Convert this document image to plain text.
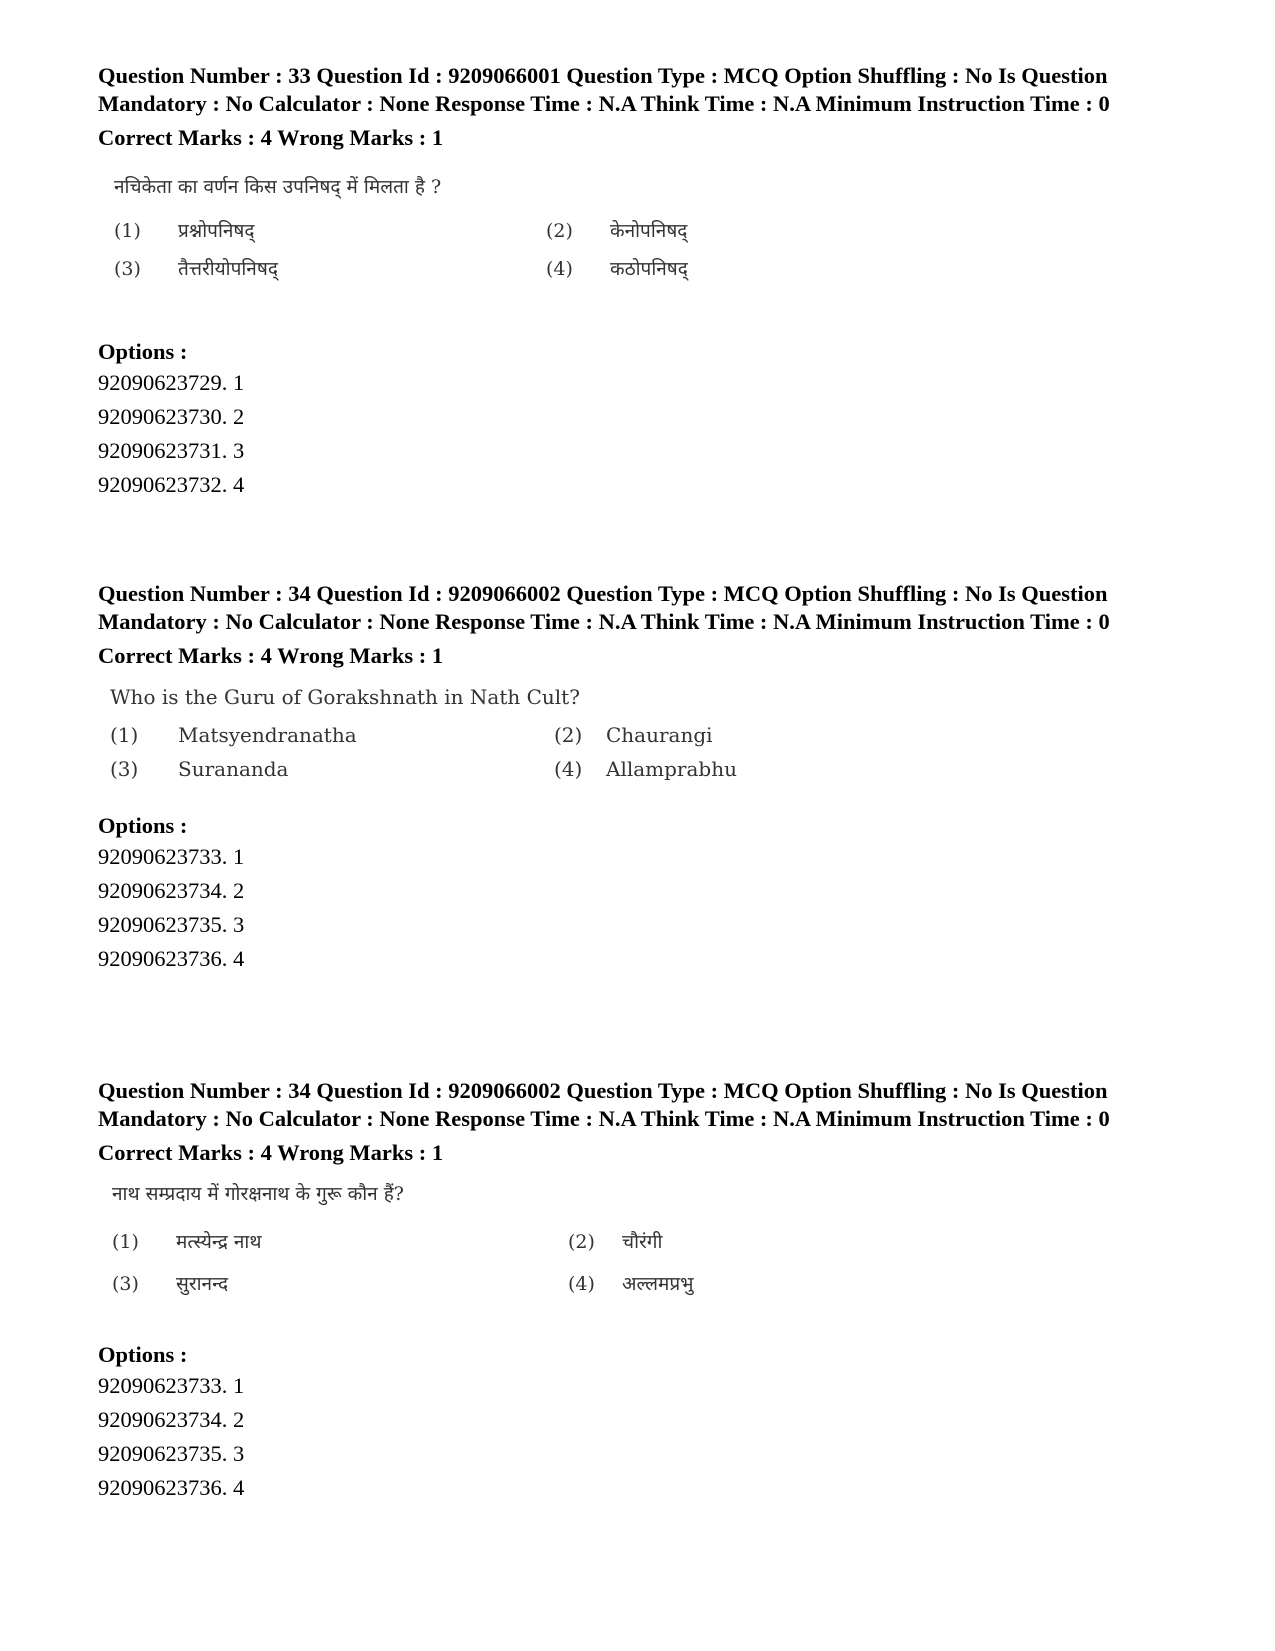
Question Number : 33 Question Id : 9209066001 Question Type : MCQ Option Shuffling : No Is Question Mandatory : No Calculator : None Response Time : N.A Think Time : N.A Minimum Instruction Time : 0
Correct Marks : 4 Wrong Marks : 1
नचिकेता का वर्णन किस उपनिषद् में मिलता है ?
(1) प्रश्नोपनिषद्	(2) केनोपनिषद्
(3) तैत्तरीयोपनिषद्	(4) कठोपनिषद्
Options :
92090623729. 1
92090623730. 2
92090623731. 3
92090623732. 4
Question Number : 34 Question Id : 9209066002 Question Type : MCQ Option Shuffling : No Is Question Mandatory : No Calculator : None Response Time : N.A Think Time : N.A Minimum Instruction Time : 0
Correct Marks : 4 Wrong Marks : 1
Who is the Guru of Gorakshnath in Nath Cult?
(1) Matsyendranatha	(2) Chaurangi
(3) Surananda	(4) Allamprabhu
Options :
92090623733. 1
92090623734. 2
92090623735. 3
92090623736. 4
Question Number : 34 Question Id : 9209066002 Question Type : MCQ Option Shuffling : No Is Question Mandatory : No Calculator : None Response Time : N.A Think Time : N.A Minimum Instruction Time : 0
Correct Marks : 4 Wrong Marks : 1
नाथ सम्प्रदाय में गोरक्षनाथ के गुरू कौन हैं?
(1) मत्स्येन्द्र नाथ	(2) चौरंगी
(3) सुरानन्द	(4) अल्लमप्रभु
Options :
92090623733. 1
92090623734. 2
92090623735. 3
92090623736. 4
